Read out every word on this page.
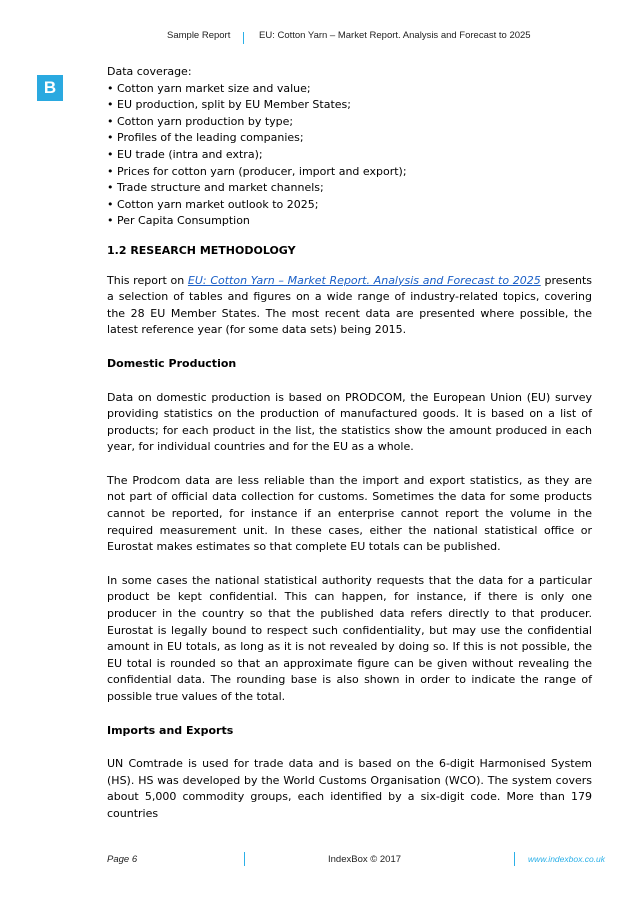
Sample Report	EU: Cotton Yarn – Market Report. Analysis and Forecast to 2025
B

Data coverage:

• Cotton yarn market size and value;
• EU production, split by EU Member States;
• Cotton yarn production by type;
• Profiles of the leading companies;
• EU trade (intra and extra);
• Prices for cotton yarn (producer, import and export);
• Trade structure and market channels;
• Cotton yarn market outlook to 2025;
• Per Capita Consumption

1.2 RESEARCH METHODOLOGY

This report on EU: Cotton Yarn – Market Report. Analysis and Forecast to 2025 presents a selection of tables and figures on a wide range of industry-related topics, covering the 28 EU Member States. The most recent data are presented where possible, the latest reference year (for some data sets) being 2015.

Domestic Production

Data on domestic production is based on PRODCOM, the European Union (EU) survey providing statistics on the production of manufactured goods. It is based on a list of products; for each product in the list, the statistics show the amount produced in each year, for individual countries and for the EU as a whole.

The Prodcom data are less reliable than the import and export statistics, as they are not part of official data collection for customs. Sometimes the data for some products cannot be reported, for instance if an enterprise cannot report the volume in the required measurement unit. In these cases, either the national statistical office or Eurostat makes estimates so that complete EU totals can be published.

In some cases the national statistical authority requests that the data for a particular product be kept confidential. This can happen, for instance, if there is only one producer in the country so that the published data refers directly to that producer. Eurostat is legally bound to respect such confidentiality, but may use the confidential amount in EU totals, as long as it is not revealed by doing so. If this is not possible, the EU total is rounded so that an approximate figure can be given without revealing the confidential data. The rounding base is also shown in order to indicate the range of possible true values of the total.

Imports and Exports

UN Comtrade is used for trade data and is based on the 6-digit Harmonised System (HS). HS was developed by the World Customs Organisation (WCO). The system covers about 5,000 commodity groups, each identified by a six-digit code. More than 179 countries

Page 6	IndexBox © 2017	www.indexbox.co.uk
